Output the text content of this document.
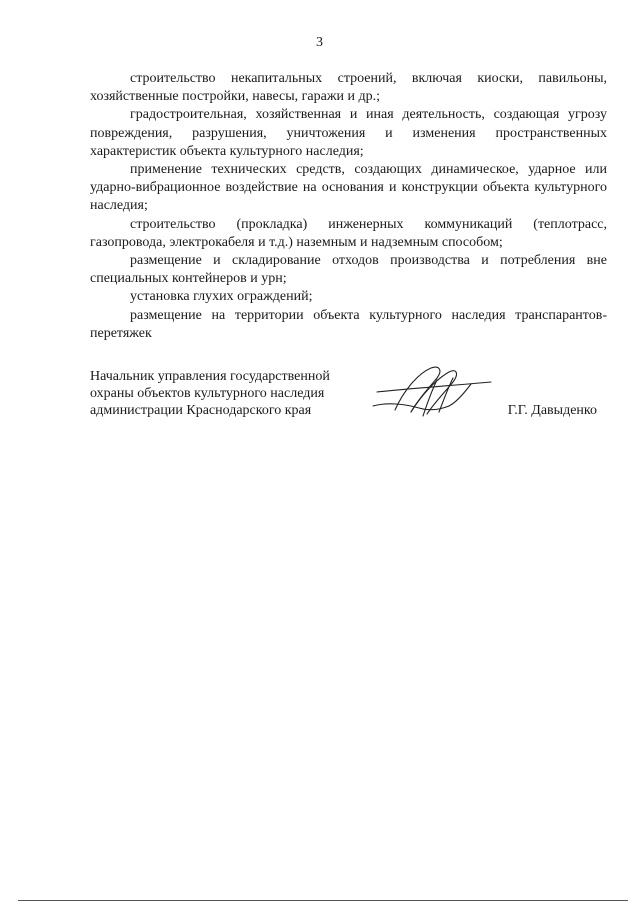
3

строительство некапитальных строений, включая киоски, павильоны, хозяйственные постройки, навесы, гаражи и др.;

градостроительная, хозяйственная и иная деятельность, создающая угрозу повреждения, разрушения, уничтожения и изменения пространственных характеристик объекта культурного наследия;

применение технических средств, создающих динамическое, ударное или ударно-вибрационное воздействие на основания и конструкции объекта культурного наследия;

строительство (прокладка) инженерных коммуникаций (теплотрасс, газопровода, электрокабеля и т.д.) наземным и надземным способом;

размещение и складирование отходов производства и потребления вне специальных контейнеров и урн;

установка глухих ограждений;

размещение на территории объекта культурного наследия транспарантов-перетяжек

Начальник управления государственной
охраны объектов культурного наследия
администрации Краснодарского края	Г.Г. Давыденко
